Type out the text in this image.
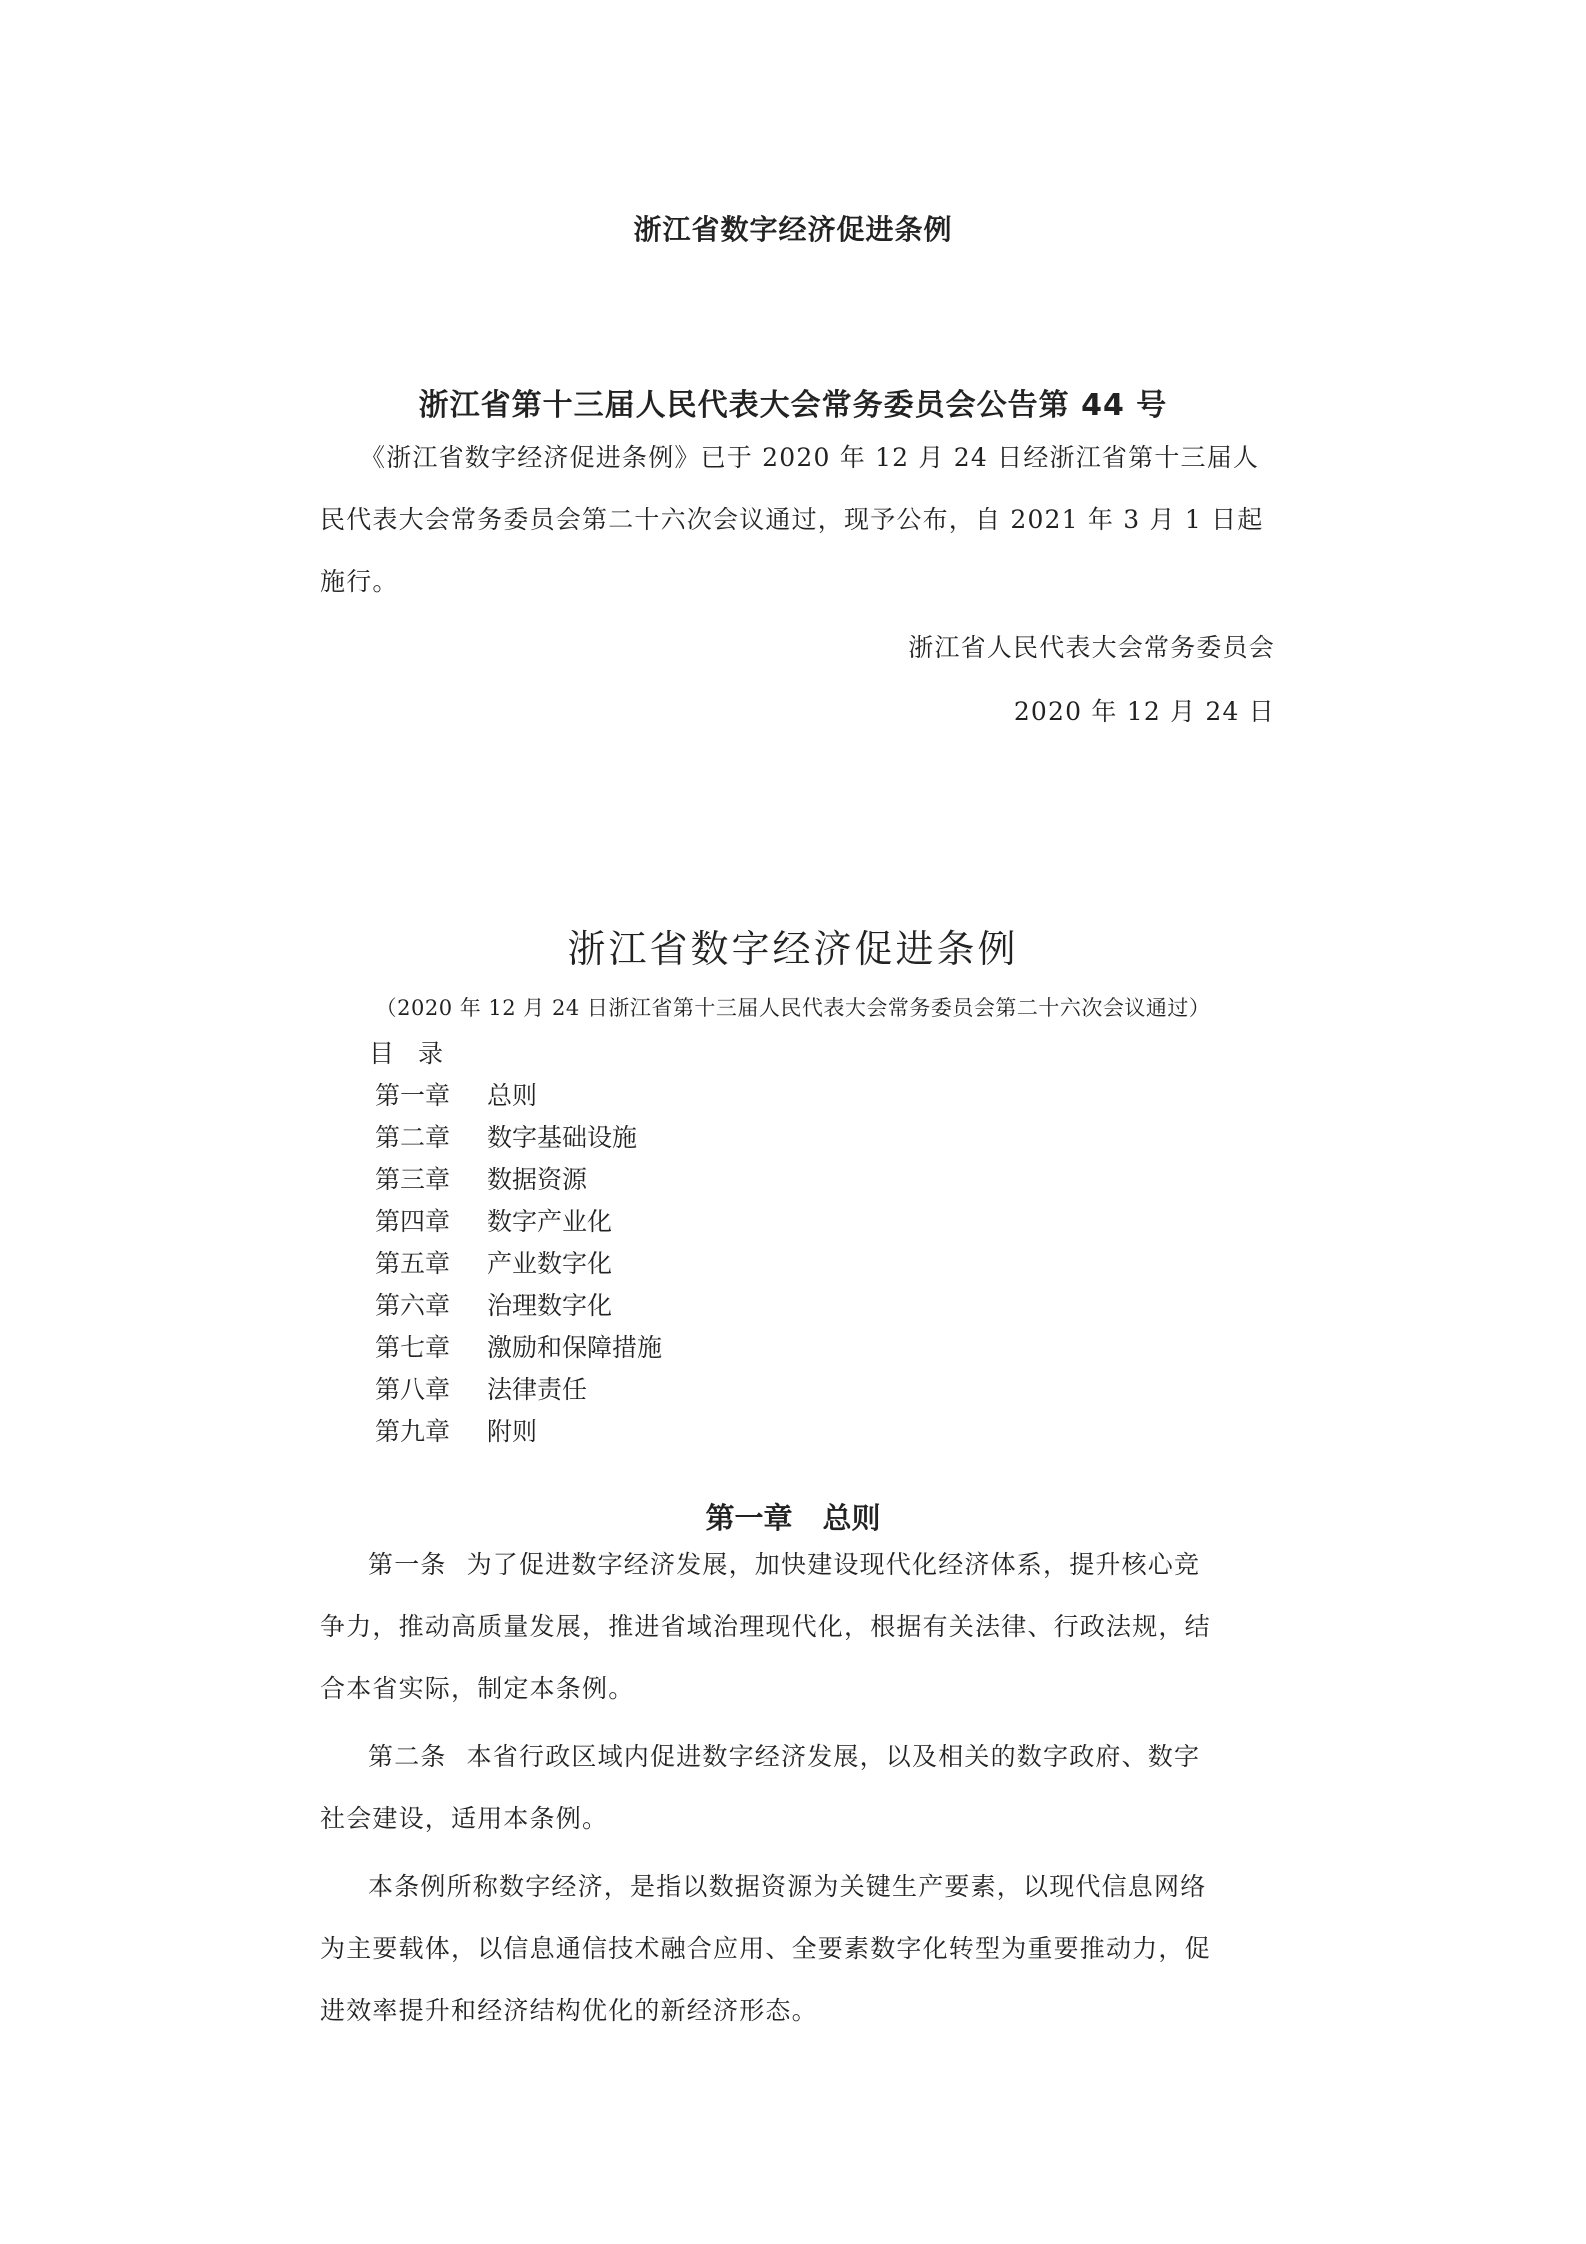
浙江省数字经济促进条例
浙江省第十三届人民代表大会常务委员会公告第 44 号
《浙江省数字经济促进条例》已于 2020 年 12 月 24 日经浙江省第十三届人
民代表大会常务委员会第二十六次会议通过，现予公布，自 2021 年 3 月 1 日起
施行。
浙江省人民代表大会常务委员会
2020 年 12 月 24 日
浙江省数字经济促进条例
（2020 年 12 月 24 日浙江省第十三届人民代表大会常务委员会第二十六次会议通过）
目 录
第一章 总则
第二章 数字基础设施
第三章 数据资源
第四章 数字产业化
第五章 产业数字化
第六章 治理数字化
第七章 激励和保障措施
第八章 法律责任
第九章 附则
第一章 总则
第一条 为了促进数字经济发展，加快建设现代化经济体系，提升核心竞
争力，推动高质量发展，推进省域治理现代化，根据有关法律、行政法规，结
合本省实际，制定本条例。
第二条 本省行政区域内促进数字经济发展，以及相关的数字政府、数字
社会建设，适用本条例。
本条例所称数字经济，是指以数据资源为关键生产要素，以现代信息网络
为主要载体，以信息通信技术融合应用、全要素数字化转型为重要推动力，促
进效率提升和经济结构优化的新经济形态。
